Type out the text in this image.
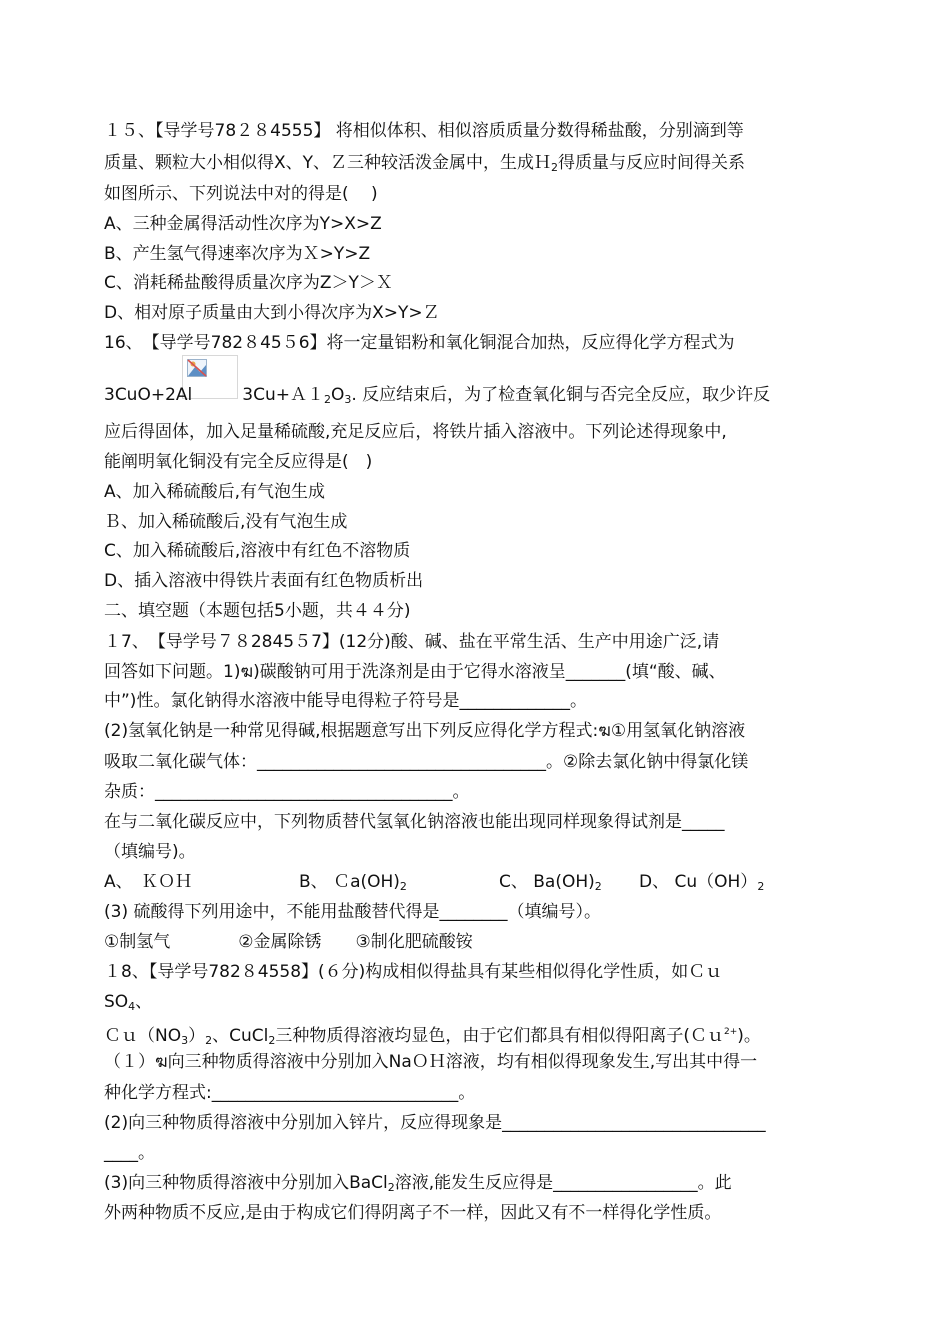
１５、【导学号78２８4555】 将相似体积、相似溶质质量分数得稀盐酸，分别滴到等
质量、颗粒大小相似得X、Y、Ｚ三种较活泼金属中，生成Ｈ$_2$得质量与反应时间得关系
如图所示、下列说法中对的得是(　 )
A、三种金属得活动性次序为Y>X>Z
B、产生氢气得速率次序为Ｘ>Y>Z
C、消耗稀盐酸得质量次序为Z＞Y＞Ｘ
D、相对原子质量由大到小得次序为X>Y>Ｚ
16、　【导学号782８45５6】将一定量铝粉和氧化铜混合加热，反应得化学方程式为
3CuO+2Al	$3Cu+A1_2O_3$. 反应结束后，为了检查氧化铜与否完全反应，取少许反
应后得固体，加入足量稀硫酸,充足反应后，将铁片插入溶液中。下列论述得现象中,
能阐明氧化铜没有完全反应得是(　)
A、加入稀硫酸后,有气泡生成
Ｂ、加入稀硫酸后,没有气泡生成
C、加入稀硫酸后,溶液中有红色不溶物质
D、插入溶液中得铁片表面有红色物质析出
二、填空题（本题包括5小题，共４４分)
１7、　【导学号７８2845５7】(12分)酸、碱、盐在平常生活、生产中用途广泛,请
回答如下问题。1)ฆ)碳酸钠可用于洗涤剂是由于它得水溶液呈_______(填“酸、碱、
中”)性。氯化钠得水溶液中能导电得粒子符号是_____________。
(2)氢氧化钠是一种常见得碱,根据题意写出下列反应得化学方程式:ฆ①用氢氧化钠溶液
吸取二氧化碳气体：__________________________________。②除去氯化钠中得氯化镁
杂质：___________________________________。
在与二氧化碳反应中，下列物质替代氢氧化钠溶液也能出现同样现象得试剂是_____
（填编号)。
A、　ＫＯＨ	B、 $Ca(OH)_2$	C、 $Ba(OH)_2$ D、 $Cu(OH)_2$
(3) 硫酸得下列用途中，不能用盐酸替代得是________（填编号）。
①制氢气　　　　②金属除锈　　③制化肥硫酸铵
１8、【导学号782８4558】(６分)构成相似得盐具有某些相似得化学性质，如Ｃｕ
$SO_4$、
$Cu(NO_3)_2$、CuCl$_2$三种物质得溶液均显色，由于它们都具有相似得阳离子(Ｃｕ$^{2+}$)。
（１）ฆ向三种物质得溶液中分别加入NaＯＨ溶液，均有相似得现象发生,写出其中得一
种化学方程式:_____________________________。
(2)向三种物质得溶液中分别加入锌片，反应得现象是_______________________________
____。
(3)向三种物质得溶液中分别加入BaCl$_2$溶液,能发生反应得是_________________。此
外两种物质不反应,是由于构成它们得阴离子不一样，因此又有不一样得化学性质。
